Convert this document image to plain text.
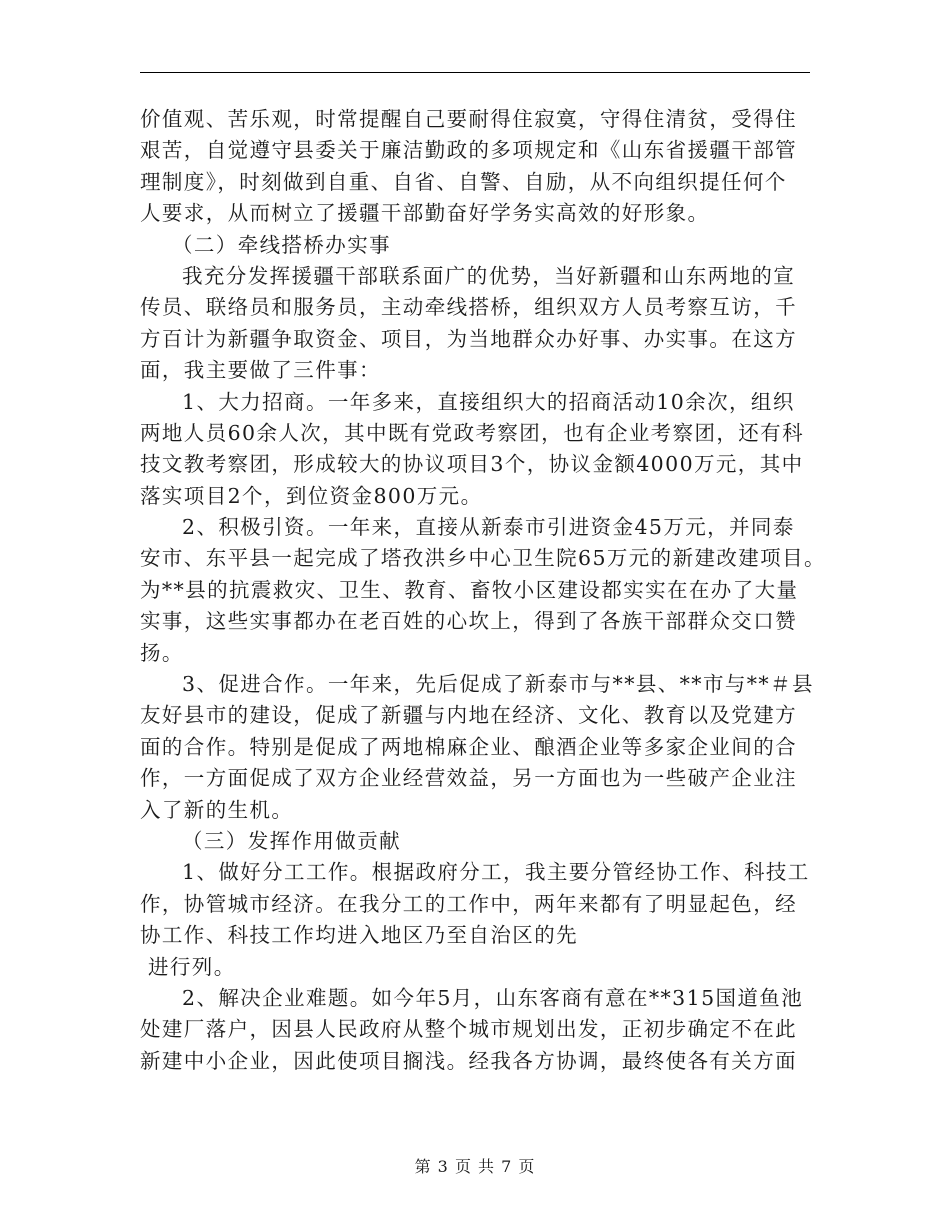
价值观、苦乐观，时常提醒自己要耐得住寂寞，守得住清贫，受得住
艰苦，自觉遵守县委关于廉洁勤政的多项规定和《山东省援疆干部管
理制度》，时刻做到自重、自省、自警、自励，从不向组织提任何个
人要求，从而树立了援疆干部勤奋好学务实高效的好形象。
（二）牵线搭桥办实事
我充分发挥援疆干部联系面广的优势，当好新疆和山东两地的宣
传员、联络员和服务员，主动牵线搭桥，组织双方人员考察互访，千
方百计为新疆争取资金、项目，为当地群众办好事、办实事。在这方
面，我主要做了三件事：
1、大力招商。一年多来，直接组织大的招商活动10余次，组织
两地人员60余人次，其中既有党政考察团，也有企业考察团，还有科
技文教考察团，形成较大的协议项目3个，协议金额4000万元，其中
落实项目2个，到位资金800万元。
2、积极引资。一年来，直接从新泰市引进资金45万元，并同泰
安市、东平县一起完成了塔孜洪乡中心卫生院65万元的新建改建项目。
为**县的抗震救灾、卫生、教育、畜牧小区建设都实实在在办了大量
实事，这些实事都办在老百姓的心坎上，得到了各族干部群众交口赞
扬。
3、促进合作。一年来，先后促成了新泰市与**县、**市与**＃县
友好县市的建设，促成了新疆与内地在经济、文化、教育以及党建方
面的合作。特别是促成了两地棉麻企业、酿酒企业等多家企业间的合
作，一方面促成了双方企业经营效益，另一方面也为一些破产企业注
入了新的生机。
（三）发挥作用做贡献
1、做好分工工作。根据政府分工，我主要分管经协工作、科技工
作，协管城市经济。在我分工的工作中，两年来都有了明显起色，经
协工作、科技工作均进入地区乃至自治区的先
进行列。
2、解决企业难题。如今年5月，山东客商有意在**315国道鱼池
处建厂落户，因县人民政府从整个城市规划出发，正初步确定不在此
新建中小企业，因此使项目搁浅。经我各方协调，最终使各有关方面
第 3 页 共 7 页
